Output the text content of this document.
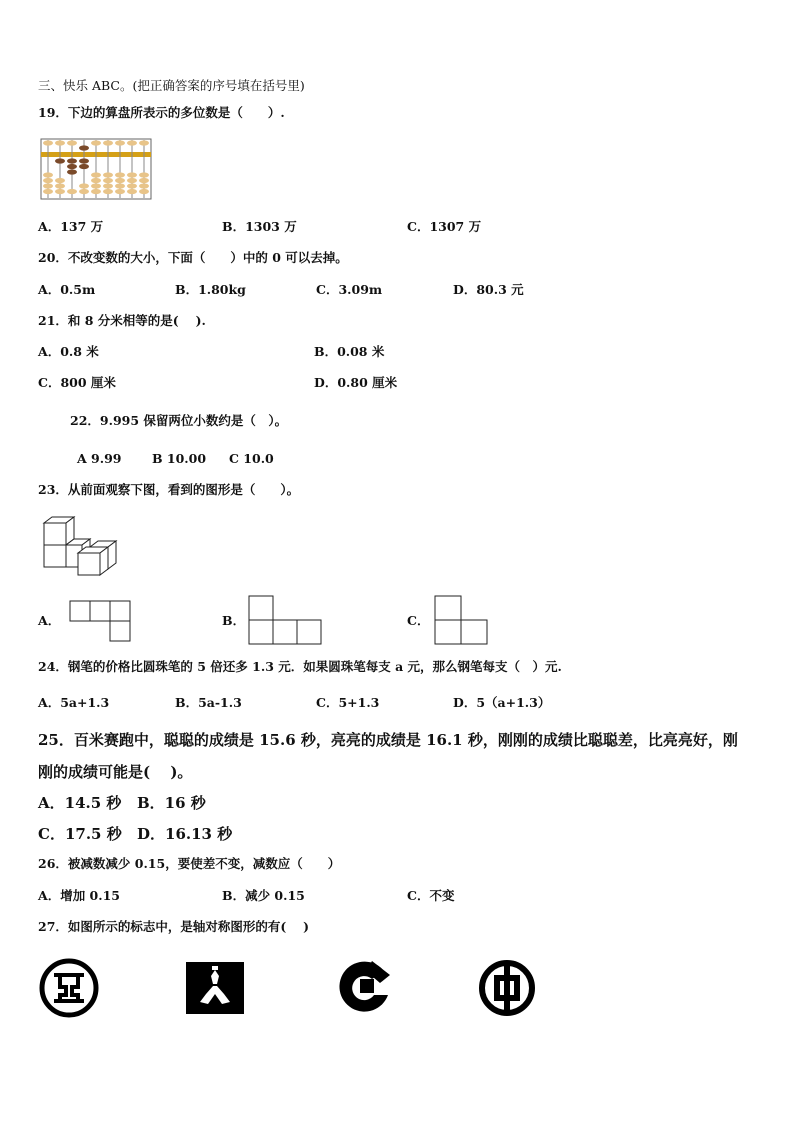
三、快乐 ABC。(把正确答案的序号填在括号里)
19．下边的算盘所表示的多位数是（　　）.
A．137 万	B．1303 万	C．1307 万
20．不改变数的大小，下面（　　）中的 0 可以去掉。
A．0.5m	B．1.80kg	C．3.09m	D．80.3 元
21．和 8 分米相等的是(　 ).
A．0.8 米	B．0.08 米
C．800 厘米	D．0.80 厘米
22．9.995 保留两位小数约是（　）。
A 9.99 B 10.00 C 10.0
23．从前面观察下图，看到的图形是（　　）。
A．	B．	C．
24．钢笔的价格比圆珠笔的 5 倍还多 1.3 元．如果圆珠笔每支 a 元，那么钢笔每支（　）元.
A．5a+1.3	B．5a-1.3	C．5+1.3	D．5（a+1.3）
25．百米赛跑中，聪聪的成绩是 15.6 秒，亮亮的成绩是 16.1 秒，刚刚的成绩比聪聪差，比亮亮好，刚
刚的成绩可能是(　 )。
A．14.5 秒 B．16 秒
C．17.5 秒 D．16.13 秒
26．被减数减少 0.15，要使差不变，减数应（　　）
A．增加 0.15	B．减少 0.15	C．不变
27．如图所示的标志中，是轴对称图形的有(　 )
